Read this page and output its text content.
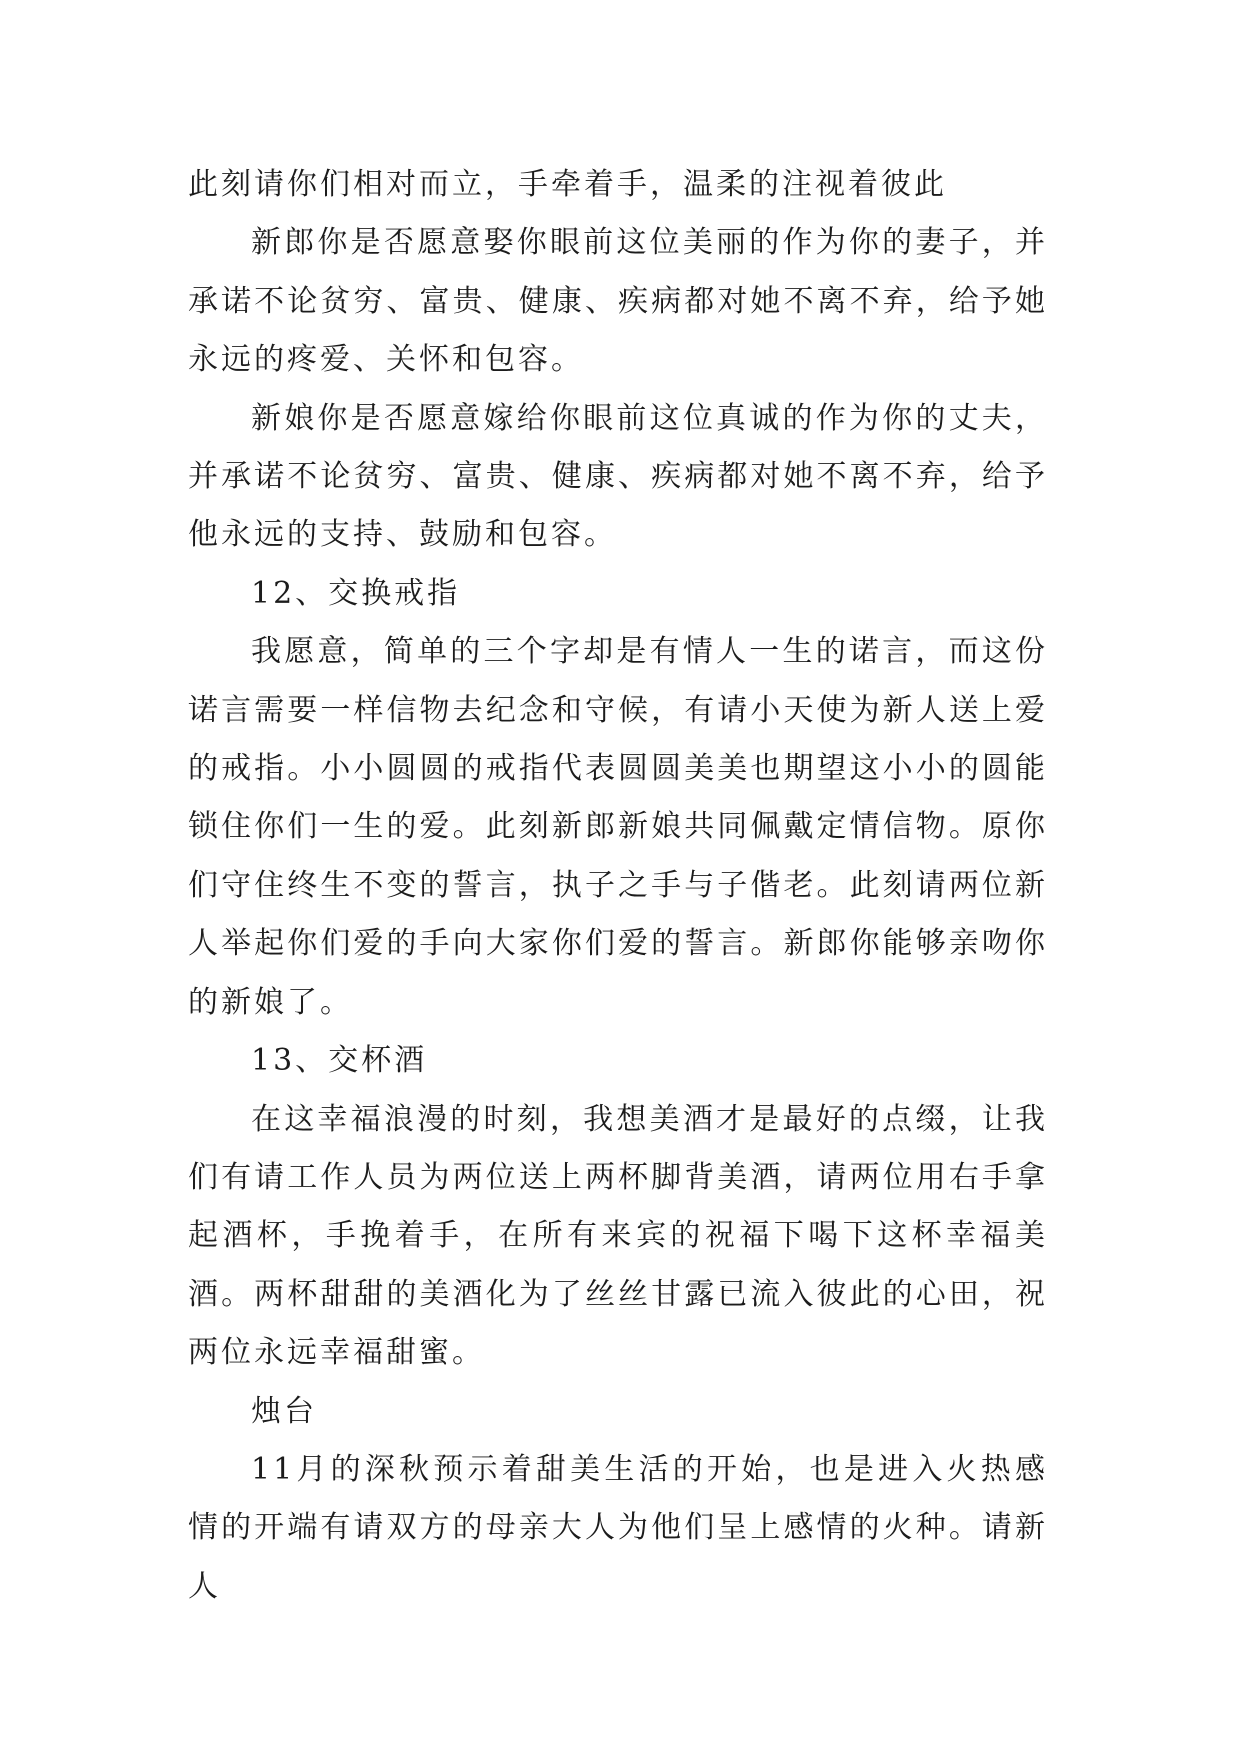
此刻请你们相对而立，手牵着手，温柔的注视着彼此

新郎你是否愿意娶你眼前这位美丽的作为你的妻子，并承诺不论贫穷、富贵、健康、疾病都对她不离不弃，给予她永远的疼爱、关怀和包容。

新娘你是否愿意嫁给你眼前这位真诚的作为你的丈夫，并承诺不论贫穷、富贵、健康、疾病都对她不离不弃，给予他永远的支持、鼓励和包容。

12、交换戒指

我愿意，简单的三个字却是有情人一生的诺言，而这份诺言需要一样信物去纪念和守候，有请小天使为新人送上爱的戒指。小小圆圆的戒指代表圆圆美美也期望这小小的圆能锁住你们一生的爱。此刻新郎新娘共同佩戴定情信物。原你们守住终生不变的誓言，执子之手与子偕老。此刻请两位新人举起你们爱的手向大家你们爱的誓言。新郎你能够亲吻你的新娘了。

13、交杯酒

在这幸福浪漫的时刻，我想美酒才是最好的点缀，让我们有请工作人员为两位送上两杯脚背美酒，请两位用右手拿起酒杯，手挽着手，在所有来宾的祝福下喝下这杯幸福美酒。两杯甜甜的美酒化为了丝丝甘露已流入彼此的心田，祝两位永远幸福甜蜜。

烛台

11月的深秋预示着甜美生活的开始，也是进入火热感情的开端有请双方的母亲大人为他们呈上感情的火种。请新人
